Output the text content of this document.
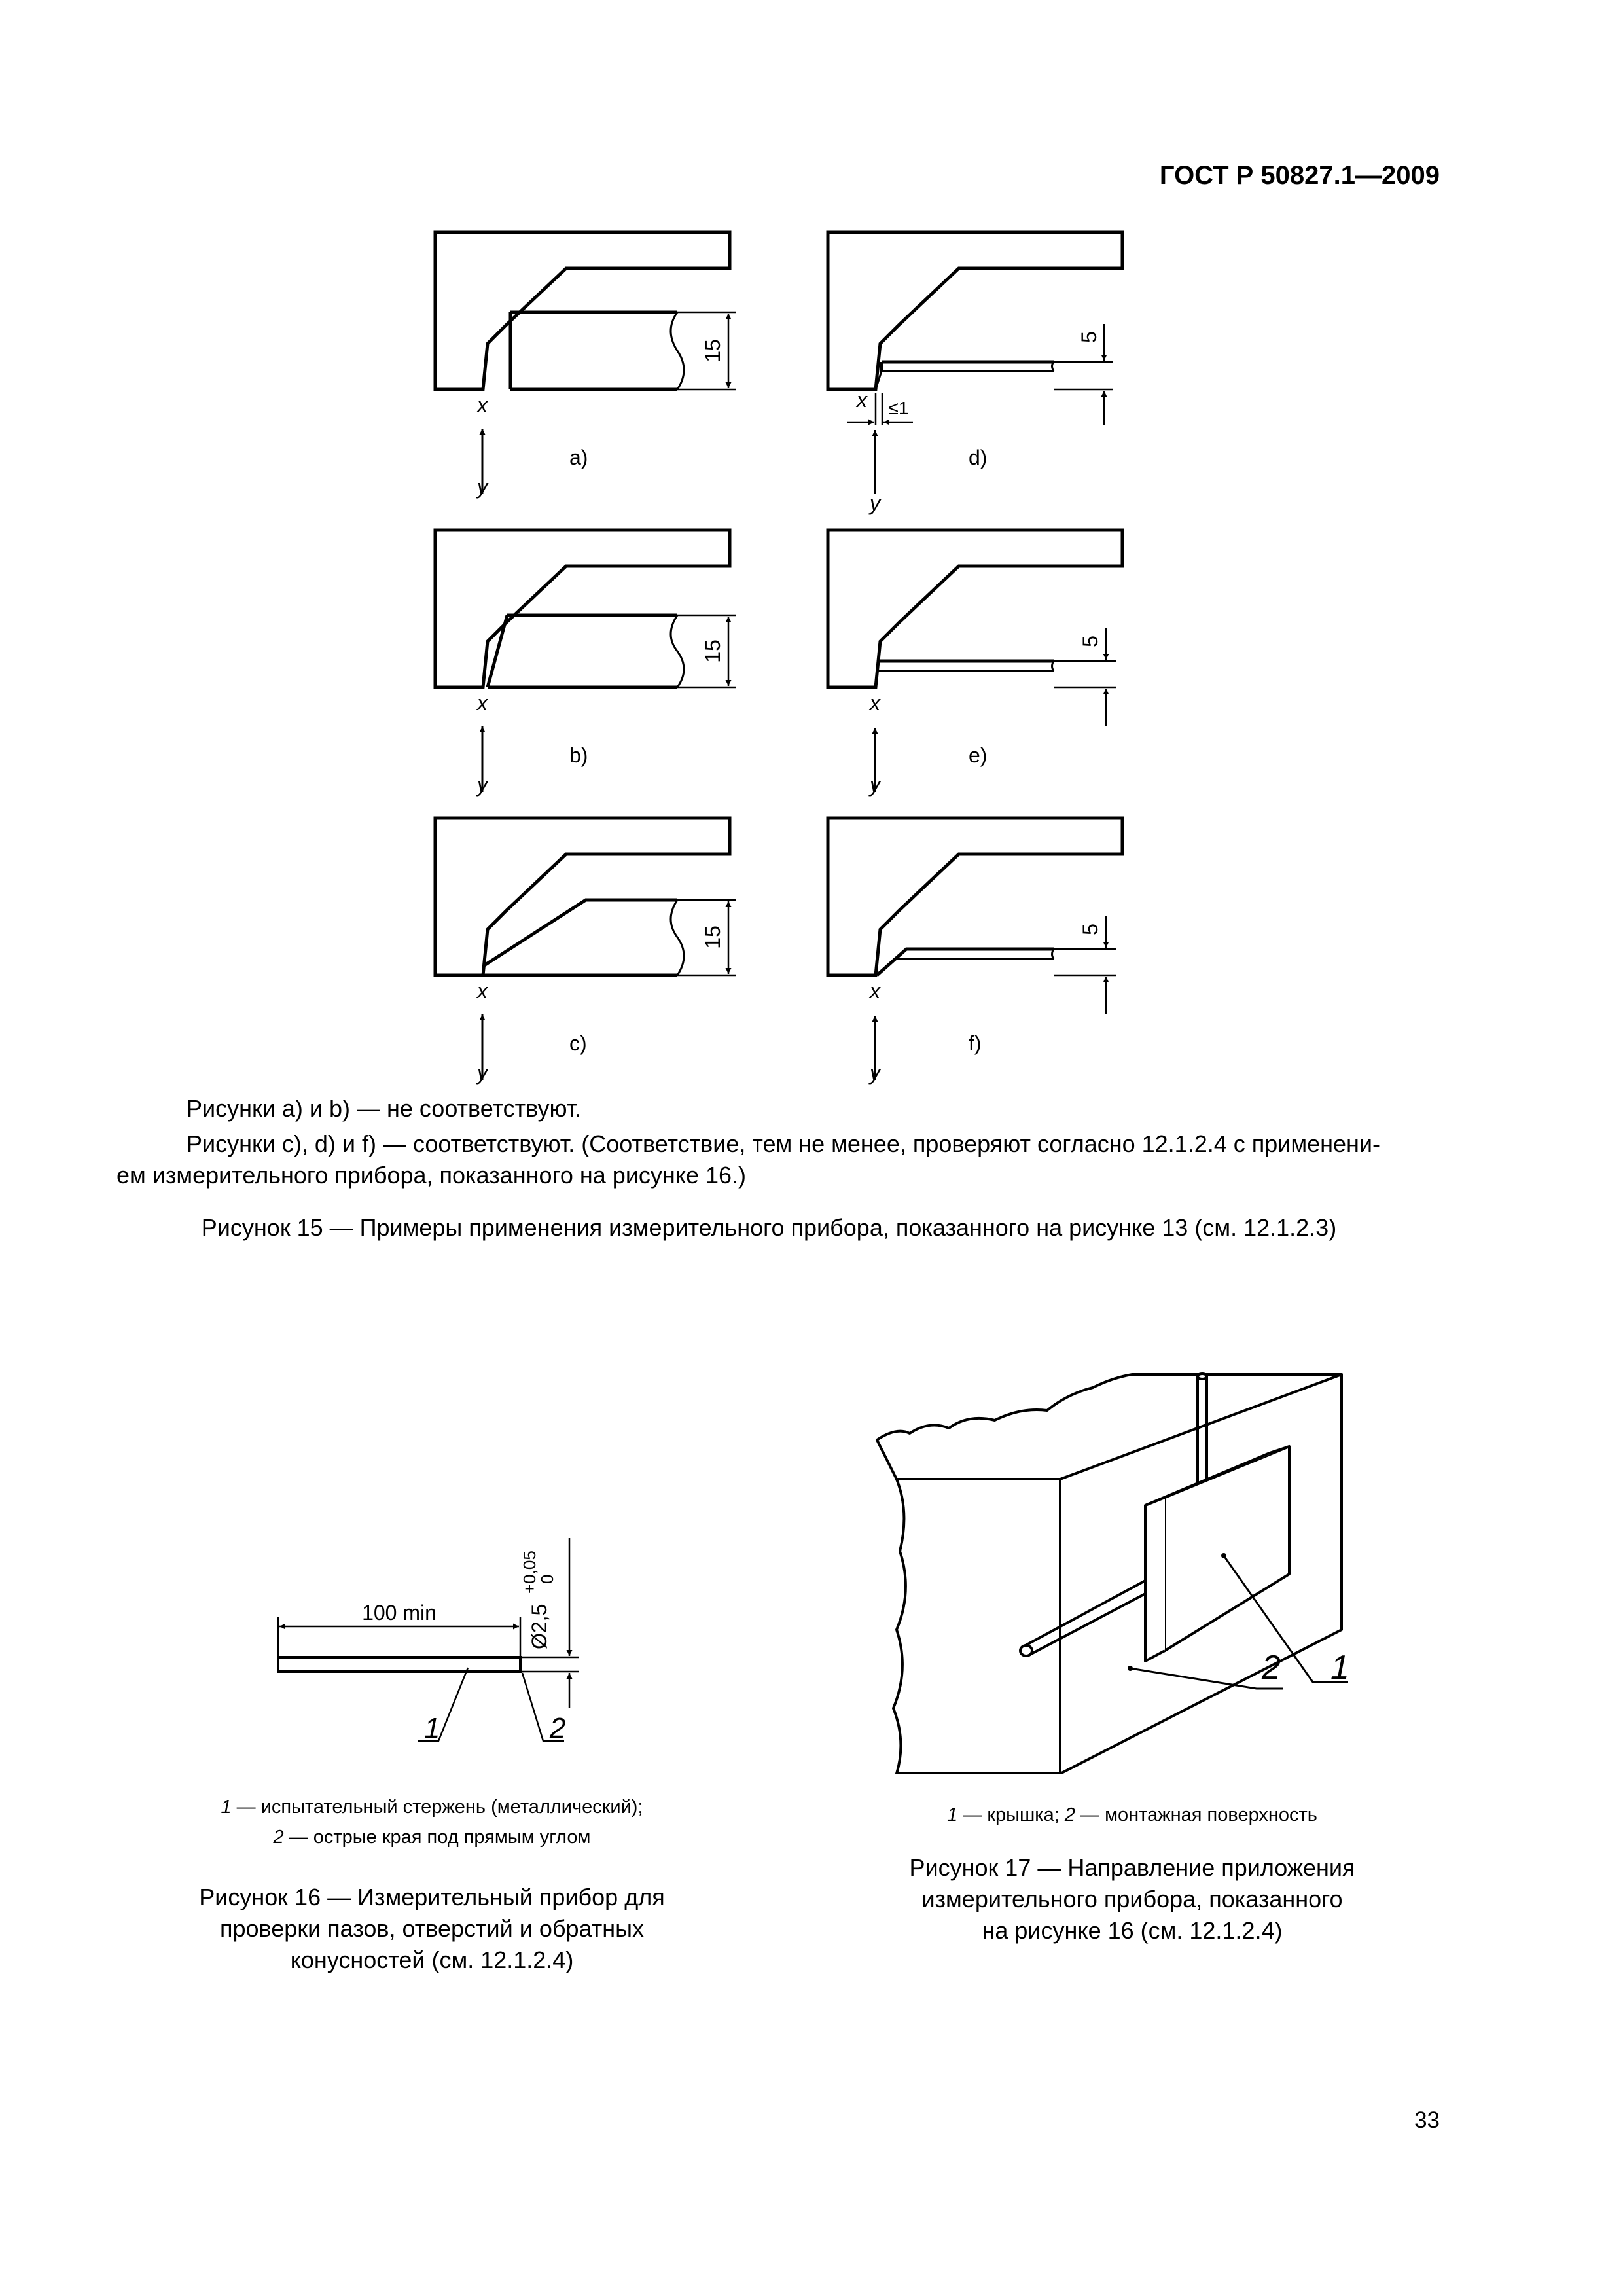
ГОСТ Р 50827.1—2009
15
x
y
a)
15
x
y
b)
15
x
y
c)
5
x ≤1
y
d)
5
x
y
e)
5
x
y
f)
Рисунки a) и b) — не соответствуют.
Рисунки c), d) и f) — соответствуют. (Соответствие, тем не менее, проверяют согласно 12.1.2.4 с применени-
ем измерительного прибора, показанного на рисунке 16.)
Рисунок 15 — Примеры применения измерительного прибора, показанного на рисунке 13 (см. 12.1.2.3)
100 min	Ø2,5
+0,05
0
1	2
1 — испытательный стержень (металлический);
2 — острые края под прямым углом
Рисунок 16 — Измерительный прибор для
проверки пазов, отверстий и обратных
конусностей (см. 12.1.2.4)
1
2
1 — крышка; 2 — монтажная поверхность
Рисунок 17 — Направление приложения
измерительного прибора, показанного
на рисунке 16 (см. 12.1.2.4)
33
